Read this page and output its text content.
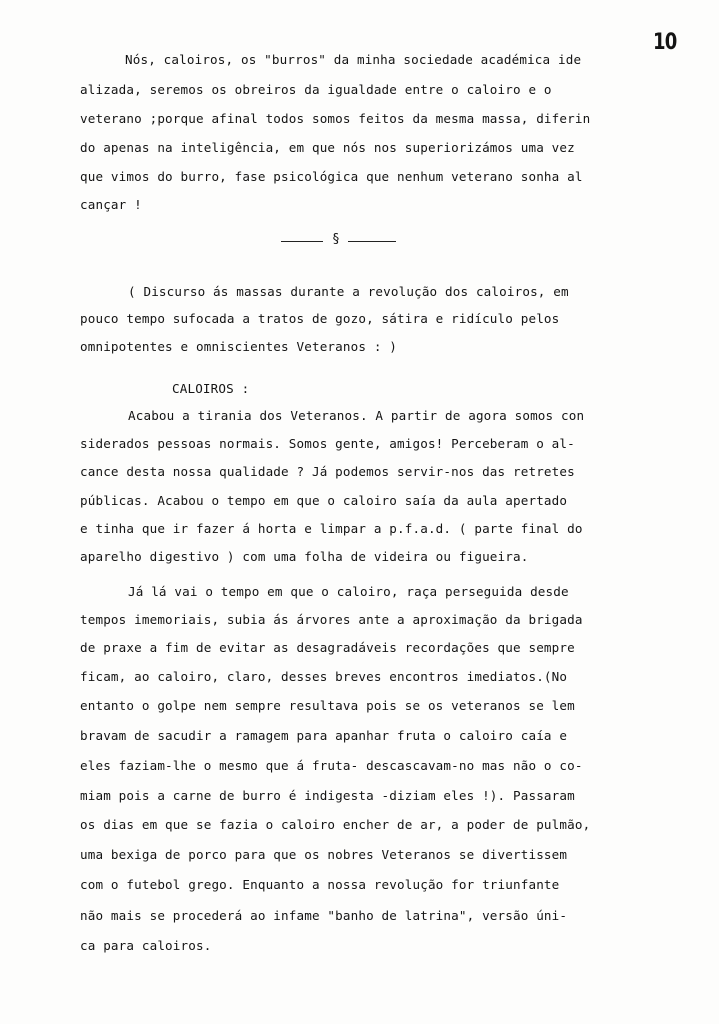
10
Nós, caloiros, os "burros" da minha sociedade académica ide
alizada, seremos os obreiros da igualdade entre o caloiro e o
veterano ;porque afinal todos somos feitos da mesma massa, diferin
do apenas na inteligência, em que nós nos superiorizámos uma vez
que vimos do burro, fase psicológica que nenhum veterano sonha al
cançar !
§
( Discurso ás massas durante a revolução dos caloiros, em
pouco tempo sufocada a tratos de gozo, sátira e ridículo pelos
omnipotentes e omniscientes Veteranos : )
CALOIROS :
Acabou a tirania dos Veteranos. A partir de agora somos con
siderados pessoas normais. Somos gente, amigos! Perceberam o al-
cance desta nossa qualidade ? Já podemos servir-nos das retretes
públicas. Acabou o tempo em que o caloiro saía da aula apertado
e tinha que ir fazer á horta e limpar a p.f.a.d. ( parte final do
aparelho digestivo ) com uma folha de videira ou figueira.
Já lá vai o tempo em que o caloiro, raça perseguida desde
tempos imemoriais, subia ás árvores ante a aproximação da brigada
de praxe a fim de evitar as desagradáveis recordações que sempre
ficam, ao caloiro, claro, desses breves encontros imediatos.(No
entanto o golpe nem sempre resultava pois se os veteranos se lem
bravam de sacudir a ramagem para apanhar fruta o caloiro caía e
eles faziam-lhe o mesmo que á fruta- descascavam-no mas não o co-
miam pois a carne de burro é indigesta -diziam eles !). Passaram
os dias em que se fazia o caloiro encher de ar, a poder de pulmão,
uma bexiga de porco para que os nobres Veteranos se divertissem
com o futebol grego. Enquanto a nossa revolução for triunfante
não mais se procederá ao infame "banho de latrina", versão úni-
ca para caloiros.
